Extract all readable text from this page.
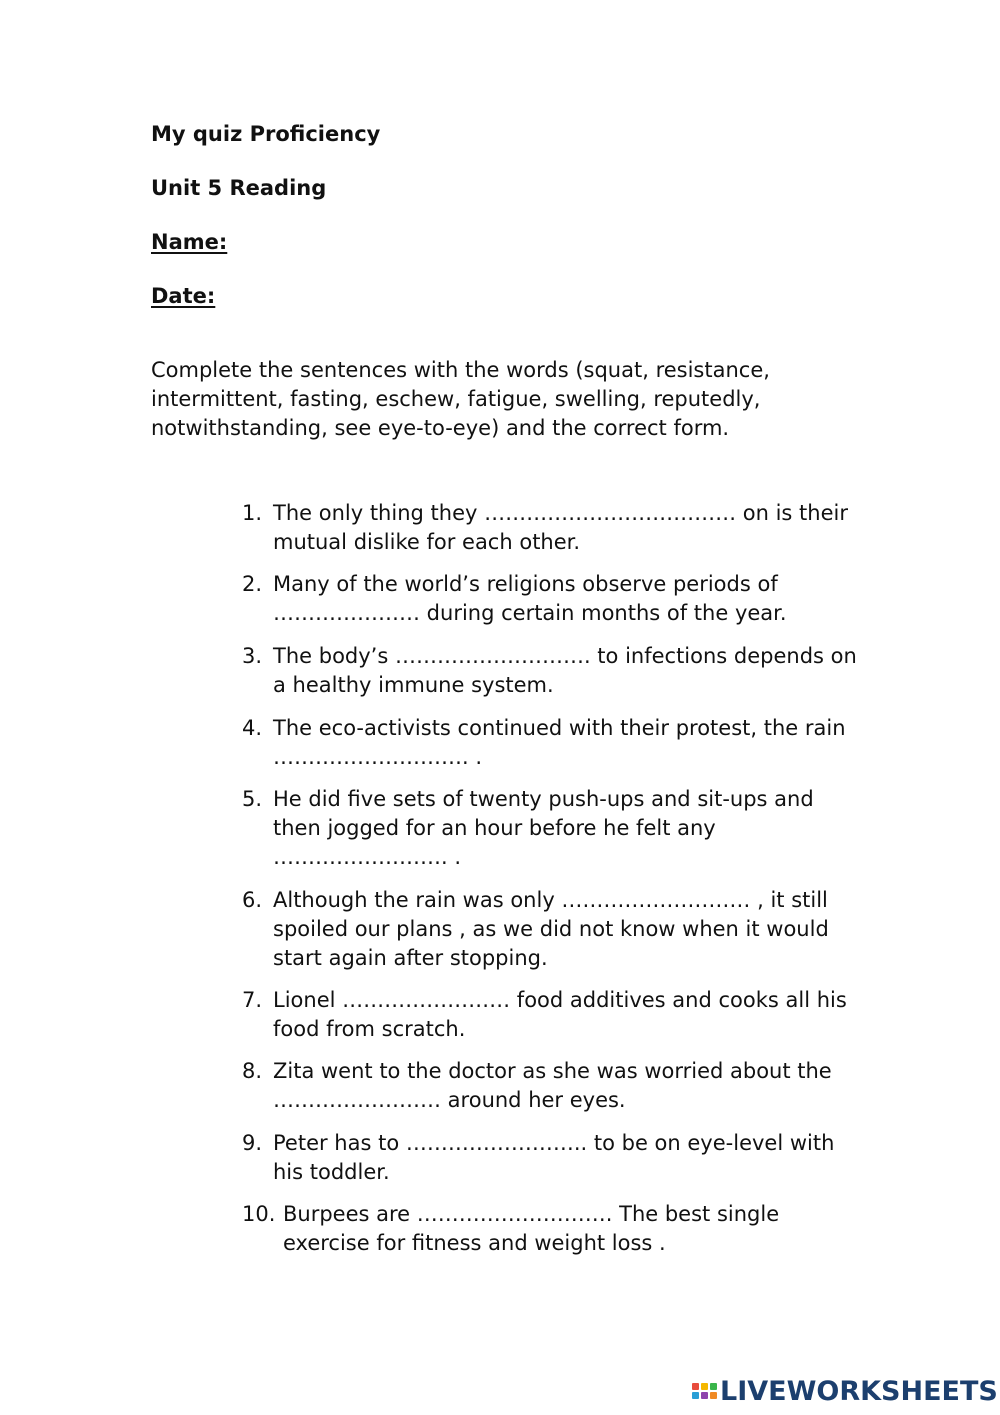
My quiz Proficiency
Unit 5 Reading
Name:
Date:

Complete the sentences with the words (squat, resistance, intermittent, fasting, eschew, fatigue, swelling, reputedly, notwithstanding, see eye-to-eye) and the correct form.

1. The only thing they ……………………………… on is their mutual dislike for each other.
2. Many of the world’s religions observe periods of ………………… during certain months of the year.
3. The body’s ………………………. to infections depends on a healthy immune system.
4. The eco-activists continued with their protest, the rain ………………………. .
5. He did five sets of twenty push-ups and sit-ups and then jogged for an hour before he felt any ……………………. .
6. Although the rain was only ……………………… , it still spoiled our plans , as we did not know when it would start again after stopping.
7. Lionel …………………… food additives and cooks all his food from scratch.
8. Zita went to the doctor as she was worried about the …………………… around her eyes.
9. Peter has to …………………….. to be on eye-level with his toddler.
10. Burpees are ………………………. The best single exercise for fitness and weight loss .
LIVEWORKSHEETS
